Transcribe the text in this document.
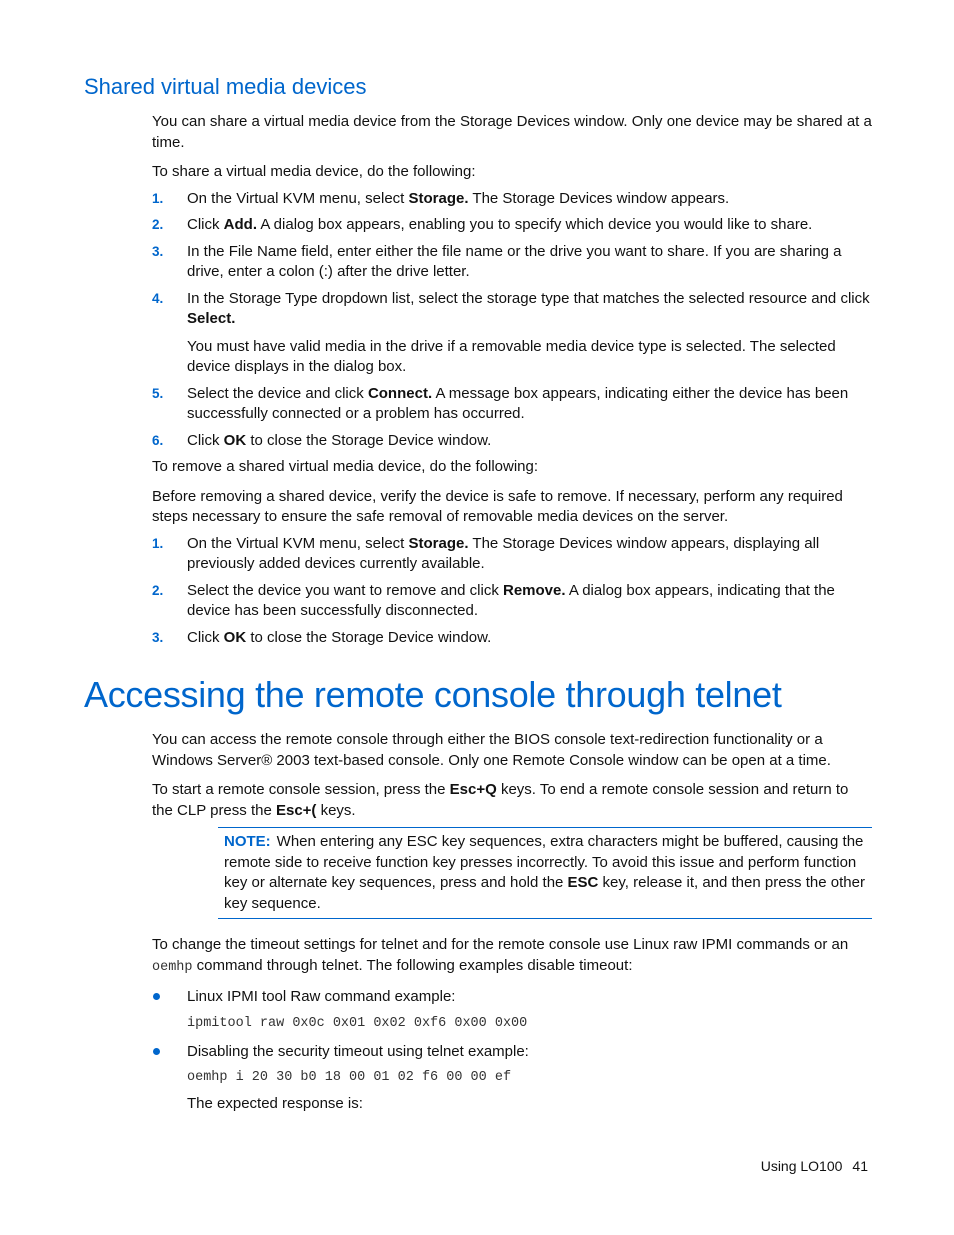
Shared virtual media devices

You can share a virtual media device from the Storage Devices window. Only one device may be shared at a time.

To share a virtual media device, do the following:

1. On the Virtual KVM menu, select Storage. The Storage Devices window appears.
2. Click Add. A dialog box appears, enabling you to specify which device you would like to share.
3. In the File Name field, enter either the file name or the drive you want to share. If you are sharing a drive, enter a colon (:) after the drive letter.
4. In the Storage Type dropdown list, select the storage type that matches the selected resource and click Select.
You must have valid media in the drive if a removable media device type is selected. The selected device displays in the dialog box.
5. Select the device and click Connect. A message box appears, indicating either the device has been successfully connected or a problem has occurred.
6. Click OK to close the Storage Device window.

To remove a shared virtual media device, do the following:

Before removing a shared device, verify the device is safe to remove. If necessary, perform any required steps necessary to ensure the safe removal of removable media devices on the server.

1. On the Virtual KVM menu, select Storage. The Storage Devices window appears, displaying all previously added devices currently available.
2. Select the device you want to remove and click Remove. A dialog box appears, indicating that the device has been successfully disconnected.
3. Click OK to close the Storage Device window.
Accessing the remote console through telnet

You can access the remote console through either the BIOS console text-redirection functionality or a Windows Server® 2003 text-based console. Only one Remote Console window can be open at a time.

To start a remote console session, press the Esc+Q keys. To end a remote console session and return to the CLP press the Esc+( keys.

NOTE: When entering any ESC key sequences, extra characters might be buffered, causing the remote side to receive function key presses incorrectly. To avoid this issue and perform function key or alternate key sequences, press and hold the ESC key, release it, and then press the other key sequence.

To change the timeout settings for telnet and for the remote console use Linux raw IPMI commands or an oemhp command through telnet. The following examples disable timeout:

Linux IPMI tool Raw command example:
ipmitool raw 0x0c 0x01 0x02 0xf6 0x00 0x00
Disabling the security timeout using telnet example:
oemhp i 20 30 b0 18 00 01 02 f6 00 00 ef
The expected response is:
Using LO100 41
